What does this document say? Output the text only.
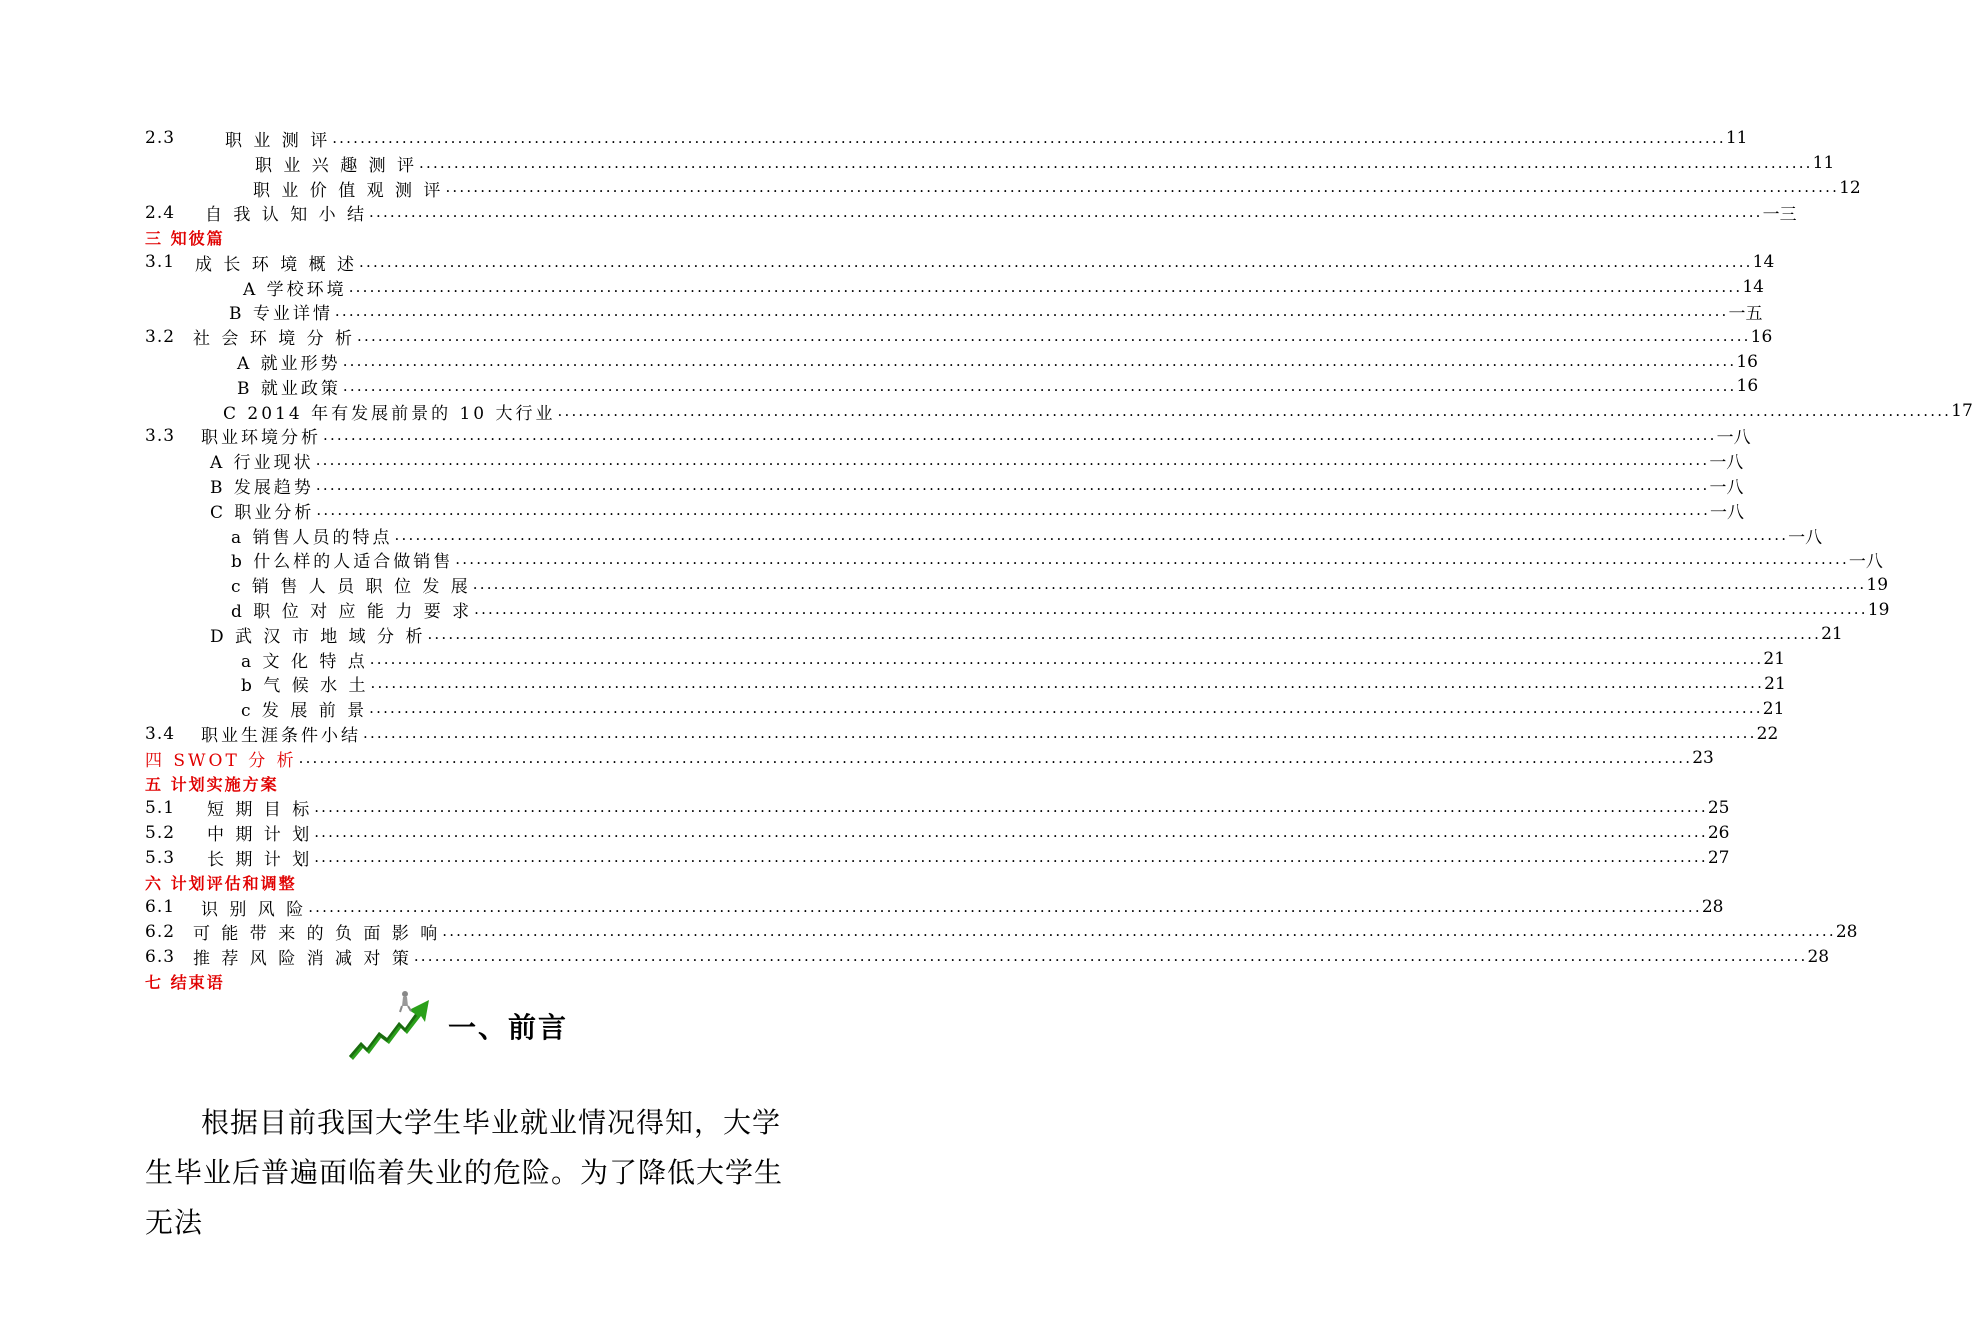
2.3	职 业 测 评 ........................................................................................................................................................................................................ 11
职 业 兴 趣 测 评 ........................................................................................................................................................................................................ 11
职 业 价 值 观 测 评 ........................................................................................................................................................................................................ 12
2.4 自 我 认 知 小 结 ........................................................................................................................................................................................................ 一三
三 知彼篇
3.1 成 长 环 境 概 述 ........................................................................................................................................................................................................ 14
A 学校环境 ........................................................................................................................................................................................................ 14
B 专业详情 ........................................................................................................................................................................................................ 一五
3.2 社 会 环 境 分 析 ........................................................................................................................................................................................................ 16
A 就业形势 ........................................................................................................................................................................................................ 16
B 就业政策 ........................................................................................................................................................................................................ 16
C 2014 年有发展前景的 10 大行业 ........................................................................................................................................................................................................ 17
3.3 职业环境分析 ........................................................................................................................................................................................................ 一八
A 行业现状 ........................................................................................................................................................................................................ 一八
B 发展趋势 ........................................................................................................................................................................................................ 一八
C 职业分析 ........................................................................................................................................................................................................ 一八
a 销售人员的特点 ........................................................................................................................................................................................................ 一八
b 什么样的人适合做销售 ........................................................................................................................................................................................................ 一八
c 销 售 人 员 职 位 发 展 ........................................................................................................................................................................................................ 19
d 职 位 对 应 能 力 要 求 ........................................................................................................................................................................................................ 19
D 武 汉 市 地 域 分 析 ........................................................................................................................................................................................................ 21
a 文 化 特 点 ........................................................................................................................................................................................................ 21
b 气 候 水 土 ........................................................................................................................................................................................................ 21
c 发 展 前 景 ........................................................................................................................................................................................................ 21
3.4 职业生涯条件小结 ........................................................................................................................................................................................................ 22
四 SWOT 分 析 ........................................................................................................................................................................................................ 23
五 计划实施方案
5.1 短 期 目 标 ........................................................................................................................................................................................................ 25
5.2 中 期 计 划 ........................................................................................................................................................................................................ 26
5.3 长 期 计 划 ........................................................................................................................................................................................................ 27
六 计划评估和调整
6.1 识 别 风 险 ........................................................................................................................................................................................................ 28
6.2 可 能 带 来 的 负 面 影 响 ........................................................................................................................................................................................................ 28
6.3 推 荐 风 险 消 减 对 策 ........................................................................................................................................................................................................ 28
七 结束语
一、前言

根据目前我国大学生毕业就业情况得知，大学生毕业后普遍面临着失业的危险。为了降低大学生无法
